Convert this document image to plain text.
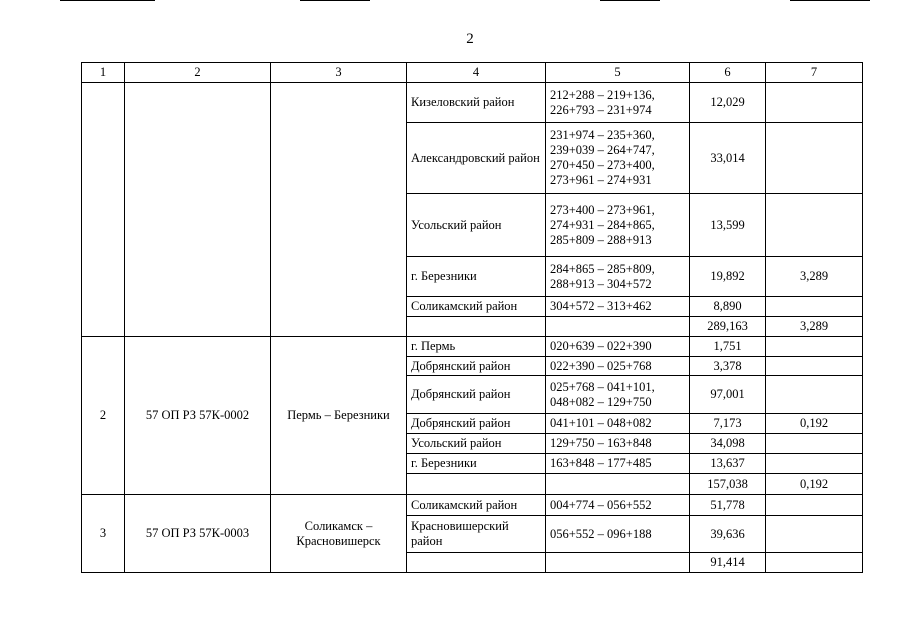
2
1	2	3	4	5	6	7
			Кизеловский район	212+288 – 219+136,
226+793 – 231+974	12,029	
			Александровский район	231+974 – 235+360,
239+039 – 264+747,
270+450 – 273+400,
273+961 – 274+931	33,014	
			Усольский район	273+400 – 273+961,
274+931 – 284+865,
285+809 – 288+913	13,599	
			г. Березники	284+865 – 285+809,
288+913 – 304+572	19,892	3,289
			Соликамский район	304+572 – 313+462	8,890	
					289,163	3,289
2	57 ОП РЗ 57К-0002	Пермь – Березники	г. Пермь	020+639 – 022+390	1,751	
			Добрянский район	022+390 – 025+768	3,378	
			Добрянский район	025+768 – 041+101,
048+082 – 129+750	97,001	
			Добрянский район	041+101 – 048+082	7,173	0,192
			Усольский район	129+750 – 163+848	34,098	
			г. Березники	163+848 – 177+485	13,637	
					157,038	0,192
3	57 ОП РЗ 57К-0003	Соликамск – Красновишерск	Соликамский район	004+774 – 056+552	51,778	
			Красновишерский район	056+552 – 096+188	39,636	
					91,414	
